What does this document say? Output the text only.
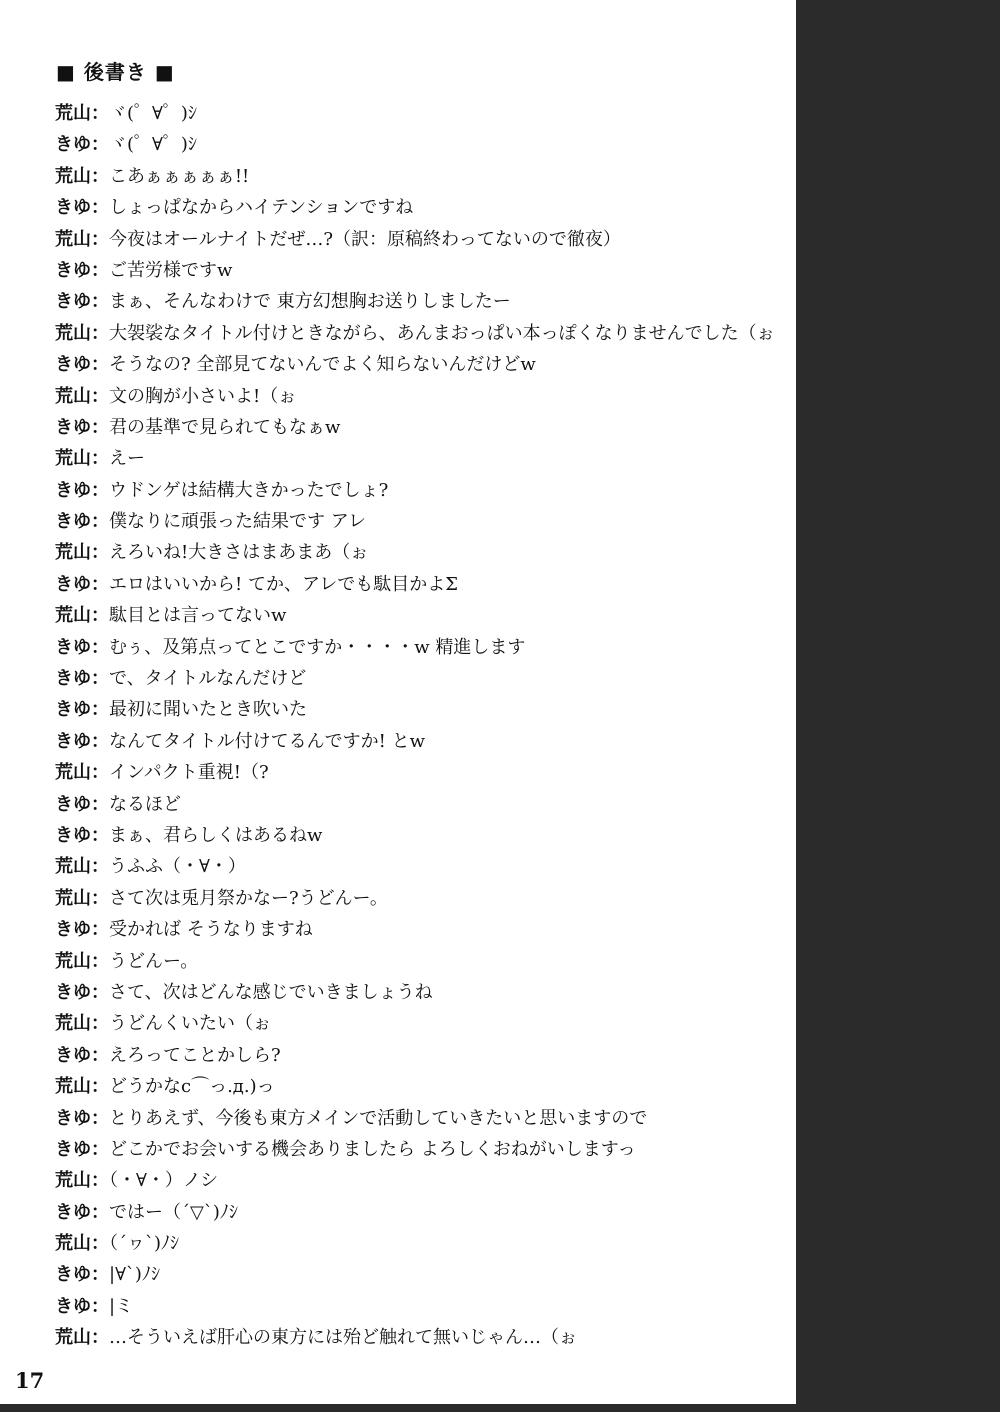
■ 後書き ■
荒山：ヾ(゜∀゜)ｼ
きゆ：ヾ(゜∀゜)ｼ
荒山：こあぁぁぁぁぁ!!
きゆ：しょっぱなからハイテンションですね
荒山：今夜はオールナイトだぜ…?（訳：原稿終わってないので徹夜）
きゆ：ご苦労様ですw
きゆ：まぁ、そんなわけで 東方幻想胸お送りしましたー
荒山：大袈裟なタイトル付けときながら、あんまおっぱい本っぽくなりませんでした（ぉ
きゆ：そうなの? 全部見てないんでよく知らないんだけどw
荒山：文の胸が小さいよ!（ぉ
きゆ：君の基準で見られてもなぁw
荒山：えー
きゆ：ウドンゲは結構大きかったでしょ?
きゆ：僕なりに頑張った結果です アレ
荒山：えろいね!大きさはまあまあ（ぉ
きゆ：エロはいいから! てか、アレでも駄目かよΣ
荒山：駄目とは言ってないw
きゆ：むぅ、及第点ってとこですか・・・・w 精進します
きゆ：で、タイトルなんだけど
きゆ：最初に聞いたとき吹いた
きゆ：なんてタイトル付けてるんですか! とw
荒山：インパクト重視!（?
きゆ：なるほど
きゆ：まぁ、君らしくはあるねw
荒山：うふふ（・∀・）
荒山：さて次は兎月祭かなー?うどんー。
きゆ：受かれば そうなりますね
荒山：うどんー。
きゆ：さて、次はどんな感じでいきましょうね
荒山：うどんくいたい（ぉ
きゆ：えろってことかしら?
荒山：どうかなc⌒っ.д.)っ
きゆ：とりあえず、今後も東方メインで活動していきたいと思いますので
きゆ：どこかでお会いする機会ありましたら よろしくおねがいしますっ
荒山：（・∀・）ノシ
きゆ：ではー（´▽`)ﾉｼ
荒山：（´ヮ`)ﾉｼ
きゆ：|∀`)ﾉｼ
きゆ：|ミ
荒山：…そういえば肝心の東方には殆ど触れて無いじゃん…（ぉ
17
